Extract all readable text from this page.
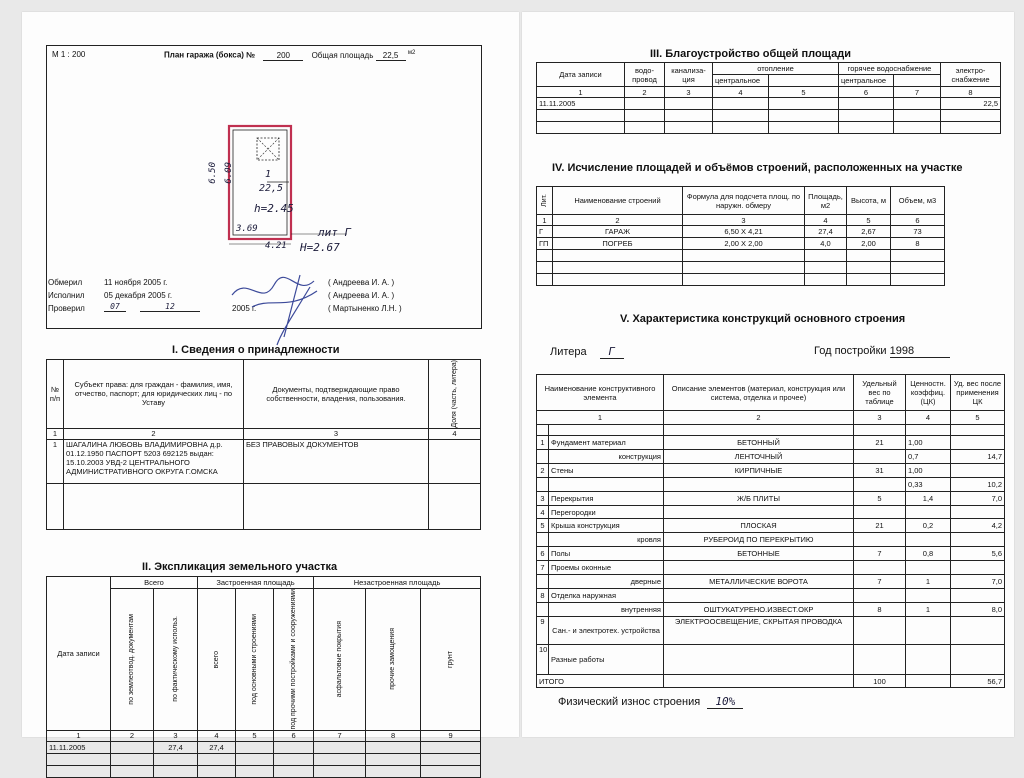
М 1 : 200	План гаража (бокса) №	200	Общая площадь 22,5 $^{м2}$
6.50 6.09	1
22,5
h=2.45
3.69
4.21
лит Г
H=2.67
Обмерил	11 ноября 2005 г.	( Андреева И. А. )
Исполнил 05 декабря 2005 г.	( Андреева И. А. )
Проверил	07	12	2005 г.	( Мартыненко Л.Н. )
I. Сведения о принадлежности
№ п/п	Субъект права: для граждан - фамилия, имя, отчество, паспорт; для юридических лиц - по Уставу	Документы, подтверждающие право собственности, владения, пользования.	Доля (часть, литера)

1	2	3	4
1	ШАГАЛИНА ЛЮБОВЬ ВЛАДИМИРОВНА д.р. 01.12.1950 ПАСПОРТ 5203 692125 выдан: 15.10.2003 УВД-2 ЦЕНТРАЛЬНОГО АДМИНИСТРАТИВНОГО ОКРУГА Г.ОМСКА	БЕЗ ПРАВОВЫХ ДОКУМЕНТОВ	

II. Экспликация земельного участка
Дата записи	Всего		Застроенная площадь			Незастроенная площадь		

	по землеотвод. документам	по фактическому использ.	всего	под основными строениями	под прочими постройками и сооружениями	асфальтовые покрытия	прочие замощения	грунт

1	2	3	4	5	6	7	8	9
11.11.2005		27,4	27,4					

III. Благоустройство общей площади
Дата записи	водо-провод	канализа-ция	отопление		горячее водоснабжение		электро-снабжение
			центральное		центральное		
1	2	3	4	5	6	7	8
11.11.2005							22,5

IV. Исчисление площадей и объёмов строений, расположенных на участке
Лит.	Наименование строений	Формула для подсчета площ. по наружн. обмеру	Площадь, м2	Высота, м	Объем, м3
1	2	3	4	5	6
Г	ГАРАЖ	6,50 X 4,21	27,4	2,67	73
ГП	ПОГРЕБ	2,00 X 2,00	4,0	2,00	8

V. Характеристика конструкций основного строения
Литера Г	Год постройки 1998
Наименование конструктивного элемента		Описание элементов (материал, конструкция или система, отделка и прочее)	Удельный вес по таблице	Ценностн. коэффиц. (ЦК)	Уд. вес после применения ЦК
1		2	3	4	5

1	Фундамент материал	БЕТОННЫЙ	21	1,00	
	конструкция	ЛЕНТОЧНЫЙ		0,7	14,7
2	Стены	КИРПИЧНЫЕ	31	1,00	
				0,33	10,2
3	Перекрытия	Ж/Б ПЛИТЫ	5	1,4	7,0
4	Перегородки				
5	Крыша конструкция	ПЛОСКАЯ	21	0,2	4,2
	кровля	РУБЕРОИД ПО ПЕРЕКРЫТИЮ			
6	Полы	БЕТОННЫЕ	7	0,8	5,6
7	Проемы оконные				
	дверные	МЕТАЛЛИЧЕСКИЕ ВОРОТА	7	1	7,0
8	Отделка наружная				
	внутренняя	ОШТУКАТУРЕНО.ИЗВЕСТ.ОКР	8	1	8,0
9	Сан.- и электротех. устройства	ЭЛЕКТРООСВЕЩЕНИЕ, СКРЫТАЯ ПРОВОДКА			
10	Разные работы				
ИТОГО			100		56,7
Физический износ строения 10%
